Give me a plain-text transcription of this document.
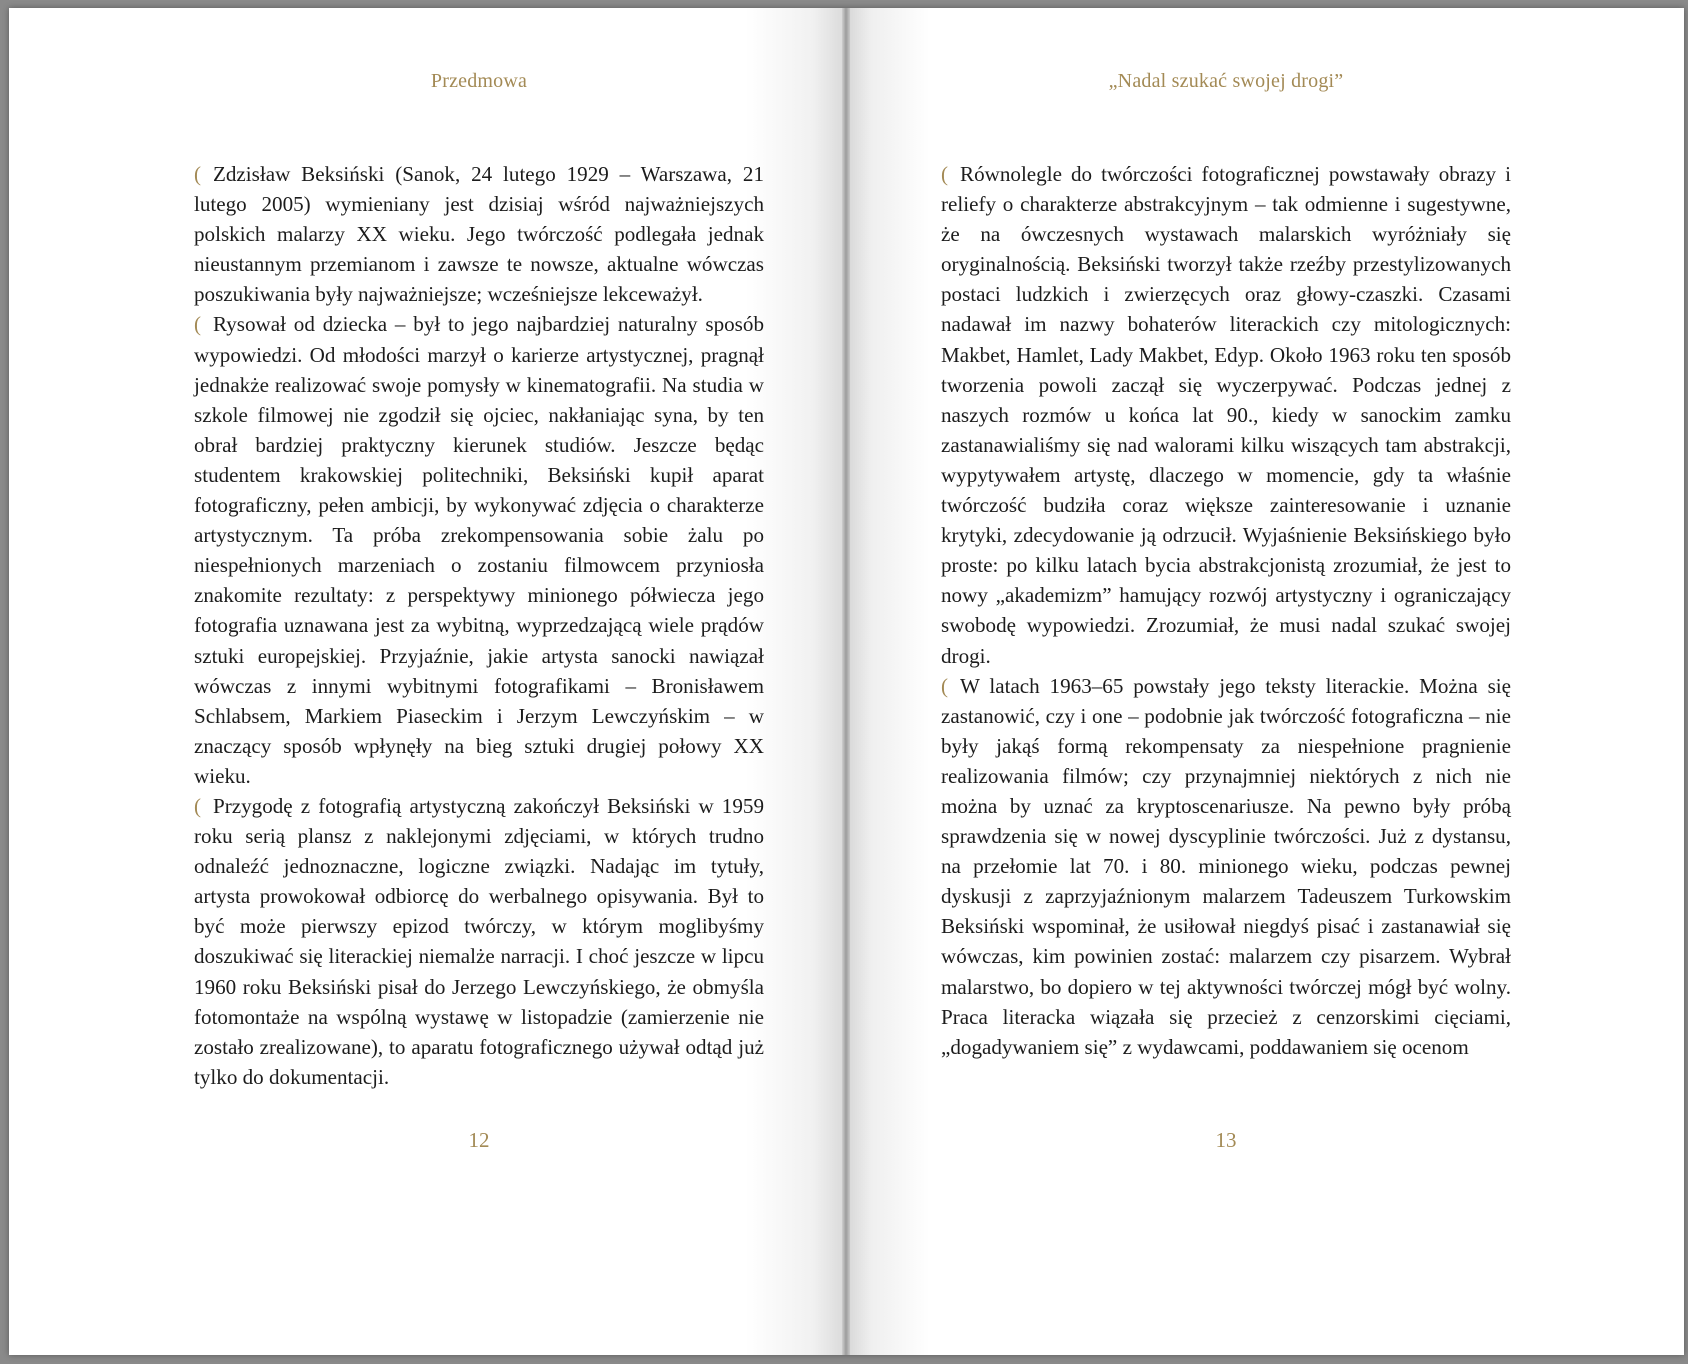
Przedmowa

( Zdzisław Beksiński (Sanok, 24 lutego 1929 – Warszawa, 21 lutego 2005) wymieniany jest dzisiaj wśród najważniejszych polskich malarzy XX wieku. Jego twórczość podlegała jednak nieustannym przemianom i zawsze te nowsze, aktualne wówczas poszukiwania były najważniejsze; wcześniejsze lekceważył.

( Rysował od dziecka – był to jego najbardziej naturalny sposób wypowiedzi. Od młodości marzył o karierze artystycznej, pragnął jednakże realizować swoje pomysły w kinematografii. Na studia w szkole filmowej nie zgodził się ojciec, nakłaniając syna, by ten obrał bardziej praktyczny kierunek studiów. Jeszcze będąc studentem krakowskiej politechniki, Beksiński kupił aparat fotograficzny, pełen ambicji, by wykonywać zdjęcia o charakterze artystycznym. Ta próba zrekompensowania sobie żalu po niespełnionych marzeniach o zostaniu filmowcem przyniosła znakomite rezultaty: z perspektywy minionego półwiecza jego fotografia uznawana jest za wybitną, wyprzedzającą wiele prądów sztuki europejskiej. Przyjaźnie, jakie artysta sanocki nawiązał wówczas z innymi wybitnymi fotografikami – Bronisławem Schlabsem, Markiem Piaseckim i Jerzym Lewczyńskim – w znaczący sposób wpłynęły na bieg sztuki drugiej połowy XX wieku.

( Przygodę z fotografią artystyczną zakończył Beksiński w 1959 roku serią plansz z naklejonymi zdjęciami, w których trudno odnaleźć jednoznaczne, logiczne związki. Nadając im tytuły, artysta prowokował odbiorcę do werbalnego opisywania. Był to być może pierwszy epizod twórczy, w którym moglibyśmy doszukiwać się literackiej niemalże narracji. I choć jeszcze w lipcu 1960 roku Beksiński pisał do Jerzego Lewczyńskiego, że obmyśla fotomontaże na wspólną wystawę w listopadzie (zamierzenie nie zostało zrealizowane), to aparatu fotograficznego używał odtąd już tylko do dokumentacji.

12
„Nadal szukać swojej drogi”

( Równolegle do twórczości fotograficznej powstawały obrazy i reliefy o charakterze abstrakcyjnym – tak odmienne i sugestywne, że na ówczesnych wystawach malarskich wyróżniały się oryginalnością. Beksiński tworzył także rzeźby przestylizowanych postaci ludzkich i zwierzęcych oraz głowy-czaszki. Czasami nadawał im nazwy bohaterów literackich czy mitologicznych: Makbet, Hamlet, Lady Makbet, Edyp. Około 1963 roku ten sposób tworzenia powoli zaczął się wyczerpywać. Podczas jednej z naszych rozmów u końca lat 90., kiedy w sanockim zamku zastanawialiśmy się nad walorami kilku wiszących tam abstrakcji, wypytywałem artystę, dlaczego w momencie, gdy ta właśnie twórczość budziła coraz większe zainteresowanie i uznanie krytyki, zdecydowanie ją odrzucił. Wyjaśnienie Beksińskiego było proste: po kilku latach bycia abstrakcjonistą zrozumiał, że jest to nowy „akademizm” hamujący rozwój artystyczny i ograniczający swobodę wypowiedzi. Zrozumiał, że musi nadal szukać swojej drogi.

( W latach 1963–65 powstały jego teksty literackie. Można się zastanowić, czy i one – podobnie jak twórczość fotograficzna – nie były jakąś formą rekompensaty za niespełnione pragnienie realizowania filmów; czy przynajmniej niektórych z nich nie można by uznać za kryptoscenariusze. Na pewno były próbą sprawdzenia się w nowej dyscyplinie twórczości. Już z dystansu, na przełomie lat 70. i 80. minionego wieku, podczas pewnej dyskusji z zaprzyjaźnionym malarzem Tadeuszem Turkowskim Beksiński wspominał, że usiłował niegdyś pisać i zastanawiał się wówczas, kim powinien zostać: malarzem czy pisarzem. Wybrał malarstwo, bo dopiero w tej aktywności twórczej mógł być wolny. Praca literacka wiązała się przecież z cenzorskimi cięciami, „dogadywaniem się” z wydawcami, poddawaniem się ocenom

13
